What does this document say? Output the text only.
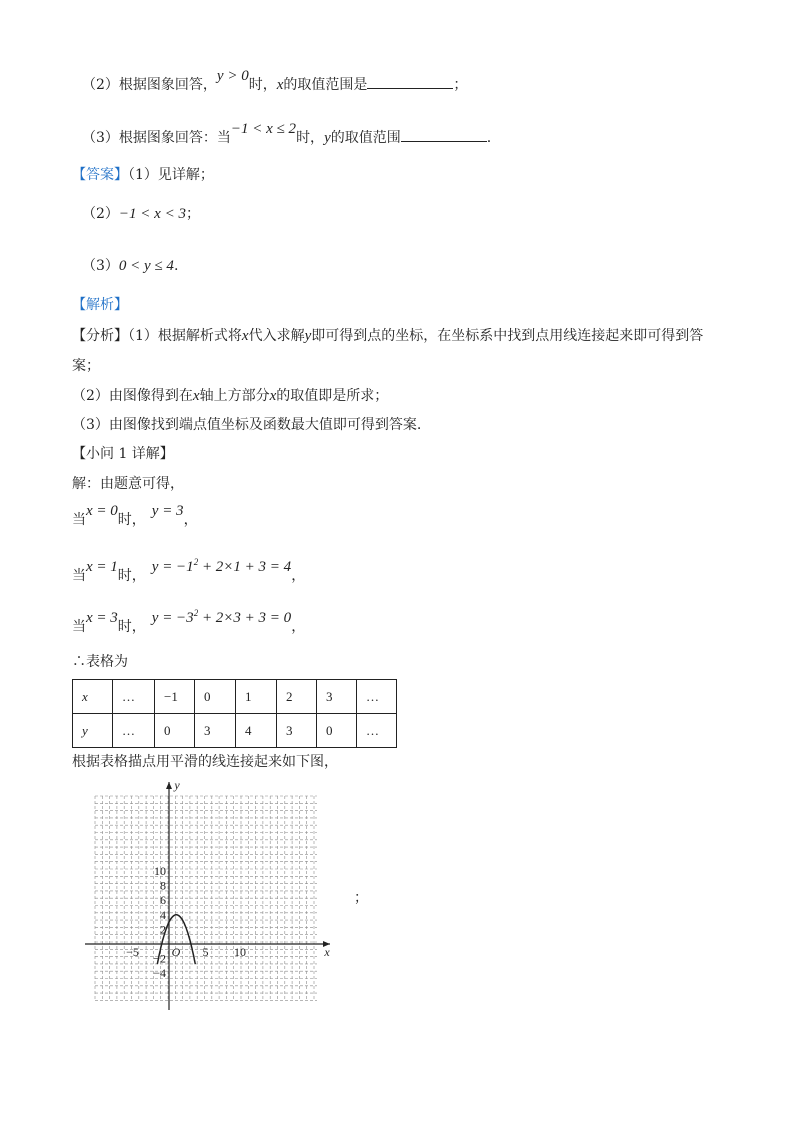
（2）根据图象回答，y > 0时，x的取值范围是	；
（3）根据图象回答：当−1 < x ≤ 2时，y的取值范围	.
【答案】（1）见详解；
（2）−1 < x < 3；
（3）0 < y ≤ 4.
【解析】
【分析】（1）根据解析式将x代入求解y即可得到点的坐标，在坐标系中找到点用线连接起来即可得到答
案；
（2）由图像得到在x轴上方部分x的取值即是所求；
（3）由图像找到端点值坐标及函数最大值即可得到答案.
【小问 1 详解】
解：由题意可得，
当x = 0时，y = 3，
当x = 1时，$y = -1^2 + 2\times 1 + 3 = 4$，
当x = 3时，$y = -3^2 + 2\times 3 + 3 = 0$，
∴表格为
x	…	−1	0	1	2	3	…
y	…	0	3	4	3	0	…
根据表格描点用平滑的线连接起来如下图，
−5	5 10
10
8
6
4
2
−2
−4
O	x
y
；
